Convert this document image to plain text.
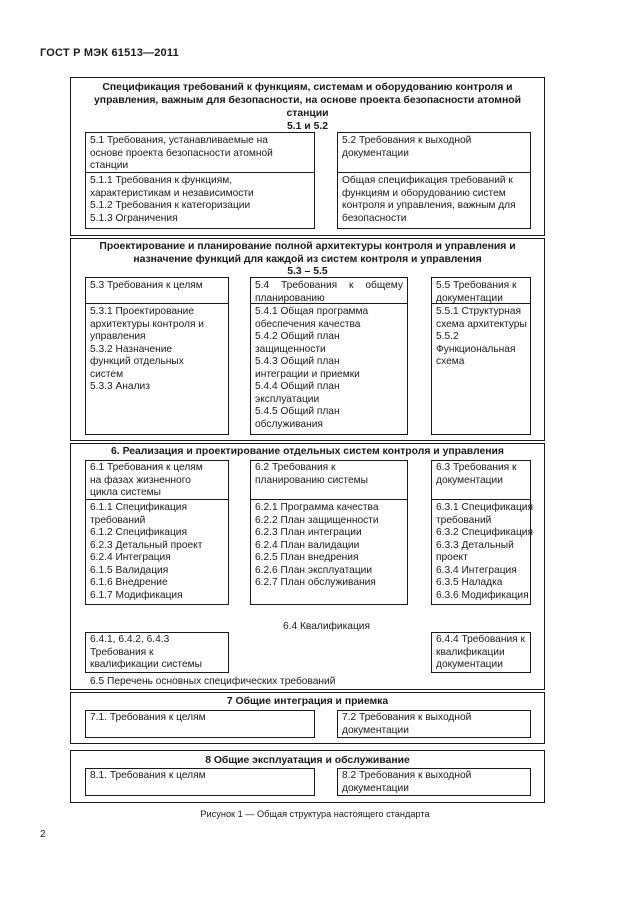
ГОСТ Р МЭК 61513—2011
Спецификация требований к функциям, системам и оборудованию контроля и
управления, важным для безопасности, на основе проекта безопасности атомной
станции
5.1 и 5.2
5.1 Требования, устанавливаемые на
основе проекта безопасности атомной
станции
5.1.1 Требования к функциям,
характеристикам и независимости
5.1.2 Требования к категоризации
5.1.3 Ограничения
5.2 Требования к выходной
документации
Общая спецификация требований к
функциям и оборудованию систем
контроля и управления, важным для
безопасности
Проектирование и планирование полной архитектуры контроля и управления и
назначение функций для каждой из систем контроля и управления
5.3 – 5.5
5.3 Требования к целям
5.3.1 Проектирование
архитектуры контроля и
управления
5.3.2 Назначение
функций отдельных
систем
5.3.3 Анализ
5.4 Требования к общему
планированию
5.4.1 Общая программа
обеспечения качества
5.4.2 Общий план
защищенности
5.4.3 Общий план
интеграции и приемки
5.4.4 Общий план
эксплуатации
5.4.5 Общий план
обслуживания
5.5 Требования к
документации
5.5.1 Структурная
схема архитектуры
5.5.2
Функциональная
схема
6. Реализация и проектирование отдельных систем контроля и управления
6.1 Требования к целям
на фазах жизненного
цикла системы
6.1.1 Спецификация
требований
6.1.2 Спецификация
6.2.3 Детальный проект
6.2.4 Интеграция
6.1.5 Валидация
6.1.6 Внедрение
6.1.7 Модификация
6.2 Требования к
планированию системы
6.2.1 Программа качества
6.2.2 План защищенности
6.2.3 План интеграции
6.2.4 План валидации
6.2.5 План внедрения
6.2.6 План эксплуатации
6.2.7 План обслуживания
6.3 Требования к
документации
6.3.1 Спецификация
требований
6.3.2 Спецификация
6.3.3 Детальный
проект
6.3.4 Интеграция
6.3.5 Наладка
6.3.6 Модификация
6.4 Квалификация
6.4.1, 6.4.2, 6.4.3
Требования к
квалификации системы
6.4.4 Требования к
квалификации
документации
6.5 Перечень основных специфических требований
7 Общие интеграция и приемка
7.1. Требования к целям	7.2 Требования к выходной
документации
8 Общие эксплуатация и обслуживание
8.1. Требования к целям	8.2 Требования к выходной
документации
Рисунок 1 — Общая структура настоящего стандарта
2
